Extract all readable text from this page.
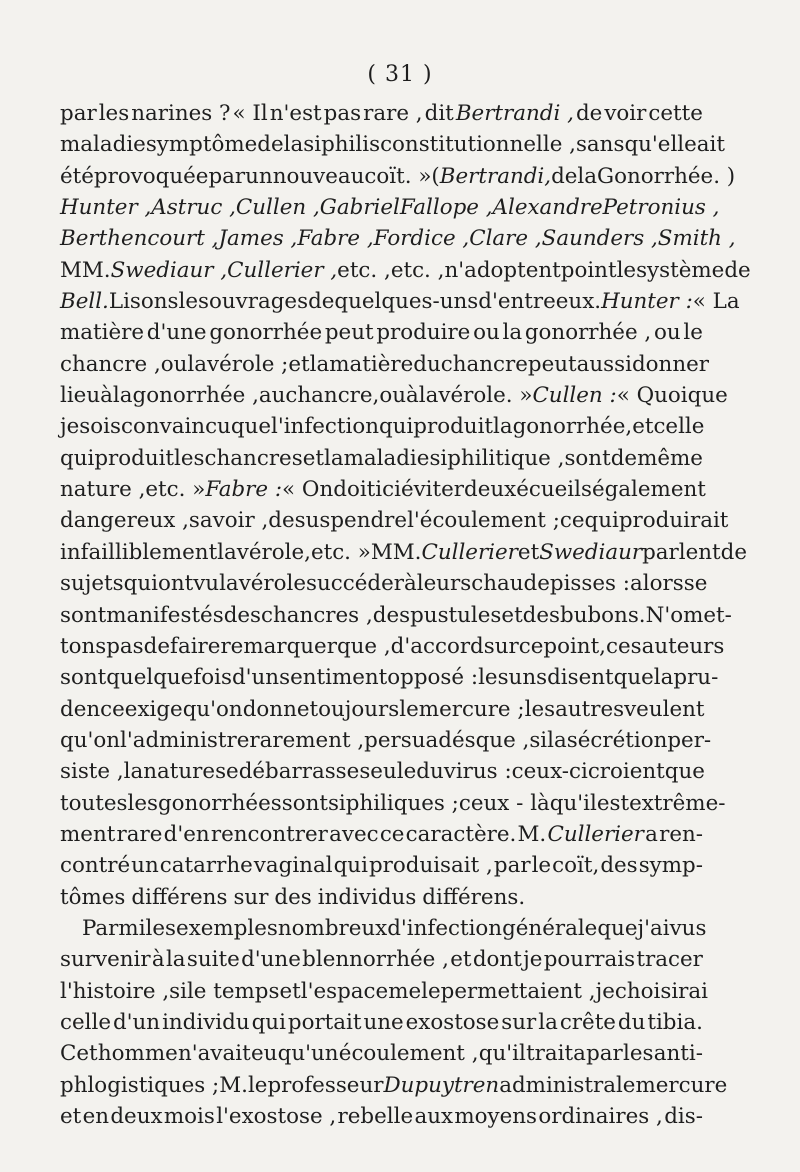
( 31 )
par les narines ? « Il n'est pas rare , dit Bertrandi , de voir cette
maladie symptôme de la siphilis constitutionnelle , sans qu'elle ait
été provoquée par un nouveau coït. » ( Bertrandi, de la Gonorrhée. )
Hunter , Astruc , Cullen , Gabriel Fallope , Alexandre Petronius ,
Berthencourt , James , Fabre , Fordice , Clare , Saunders , Smith ,
MM. Swediaur , Cullerier , etc. , etc. , n'adoptent point le système de
Bell. Lisons les ouvrages de quelques-uns d'entre eux. Hunter : « La
matière d'une gonorrhée peut produire ou la gonorrhée , ou le
chancre , ou la vérole ; et la matière du chancre peut aussi donner
lieu à la gonorrhée , au chancre, ou à la vérole. » Cullen : « Quoique
je sois convaincu que l'infection qui produit la gonorrhée, et celle
qui produit les chancres et la maladie siphilitique , sont de même
nature , etc. » Fabre : « On doit ici éviter deux écueils également
dangereux , savoir , de suspendre l'écoulement ; ce qui produirait
infailliblement la vérole, etc. » MM. Cullerier et Swediaur parlent de
sujets qui ont vu la vérole succéder à leurs chaudepisses : alors se
sont manifestés des chancres , des pustules et des bubons. N'omet-
tons pas de faire remarquer que , d'accord sur ce point, ces auteurs
sont quelquefois d'un sentiment opposé : les uns disent que la pru-
dence exige qu'on donne toujours le mercure ; les autres veulent
qu'on l'administre rarement , persuadés que , si la sécrétion per-
siste , la nature se débarrasse seule du virus : ceux-ci croient que
toutes les gonorrhées sont siphiliques ; ceux - là qu'il est extrême-
ment rare d'en rencontrer avec ce caractère. M. Cullerier a ren-
contré un catarrhe vaginal qui produisait , par le coït, des symp-
tômes différens sur des individus différens.
Parmi les exemples nombreux d'infection générale que j'ai vus
survenir à la suite d'une blennorrhée , et dont je pourrais tracer
l'histoire , si le temps et l'espace me le permettaient , je choisirai
celle d'un individu qui portait une exostose sur la crête du tibia.
Cet homme n'avait eu qu'un écoulement , qu'il traita par les anti-
phlogistiques ; M. le professeur Dupuytren administra le mercure
et en deux mois l'exostose , rebelle aux moyens ordinaires , dis-
